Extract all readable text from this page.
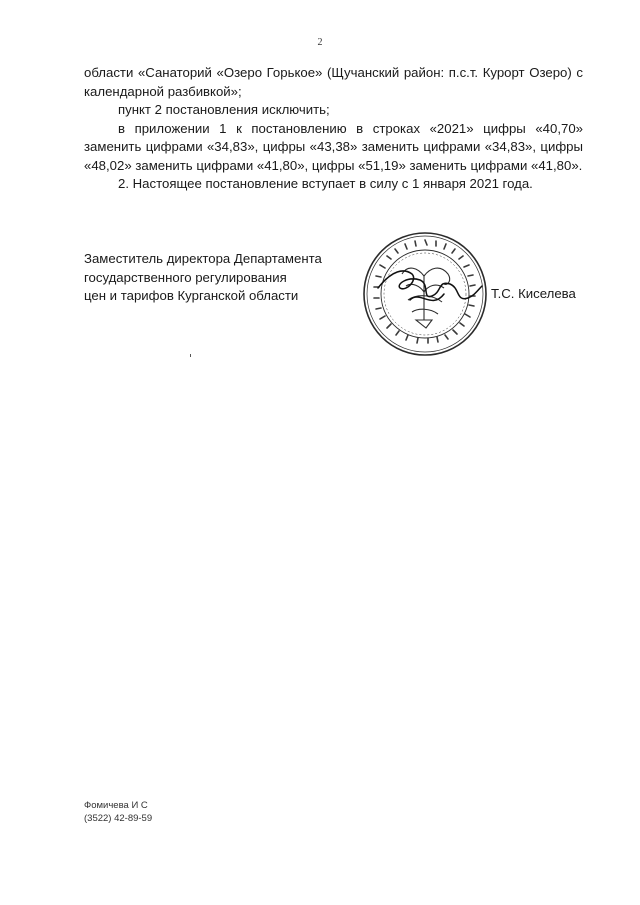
2

области «Санаторий «Озеро Горькое» (Щучанский район: п.с.т. Курорт Озеро) с календарной разбивкой»;

пункт 2 постановления исключить;

в приложении 1 к постановлению в строках «2021» цифры «40,70» заменить цифрами «34,83», цифры «43,38» заменить цифрами «34,83», цифры «48,02» заменить цифрами «41,80», цифры «51,19» заменить цифрами «41,80».

2. Настоящее постановление вступает в силу с 1 января 2021 года.

Заместитель директора Департамента
государственного регулирования
цен и тарифов Курганской области	Т.С. Киселева
Фомичева И С
(3522) 42-89-59
